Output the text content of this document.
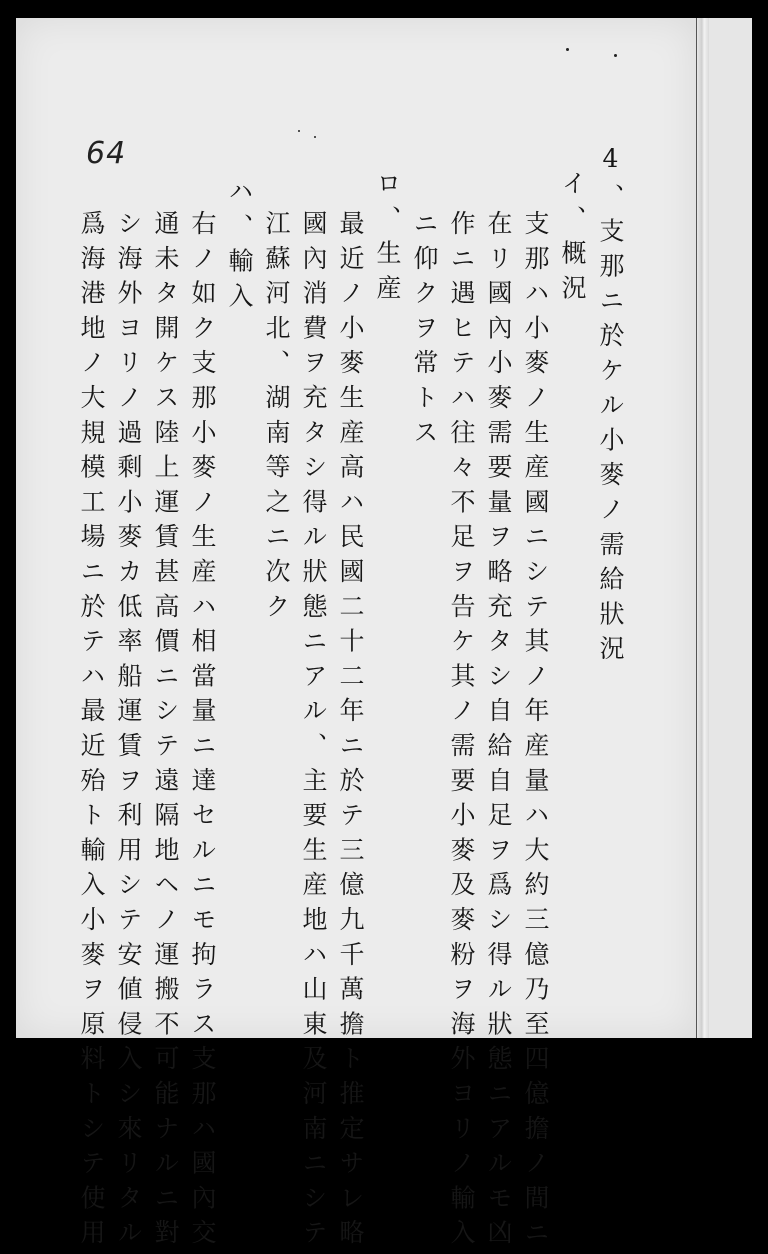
64	4、支那ニ於ケル小麥ノ需給狀況
イ、概況
支那ハ小麥ノ生産國ニシテ其ノ年産量ハ大約三億乃至四億擔ノ間ニ
在リ國內小麥需要量ヲ略充タシ自給自足ヲ爲シ得ル狀態ニアルモ凶
作ニ遇ヒテハ往々不足ヲ告ケ其ノ需要小麥及麥粉ヲ海外ヨリノ輸入
ニ仰クヲ常トス
ロ、生産
最近ノ小麥生産高ハ民國二十二年ニ於テ三億九千萬擔ト推定サレ略
國內消費ヲ充タシ得ル狀態ニアル、主要生産地ハ山東及河南ニシテ
江蘇河北、湖南等之ニ次ク
ハ、輸入
右ノ如ク支那小麥ノ生産ハ相當量ニ達セルニモ拘ラス支那ハ國內交
通未タ開ケス陸上運賃甚高價ニシテ遠隔地ヘノ運搬不可能ナルニ對
シ海外ヨリノ過剩小麥カ低率船運賃ヲ利用シテ安値侵入シ來リタル
爲海港地ノ大規模工場ニ於テハ最近殆ト輸入小麥ヲ原料トシテ使用
